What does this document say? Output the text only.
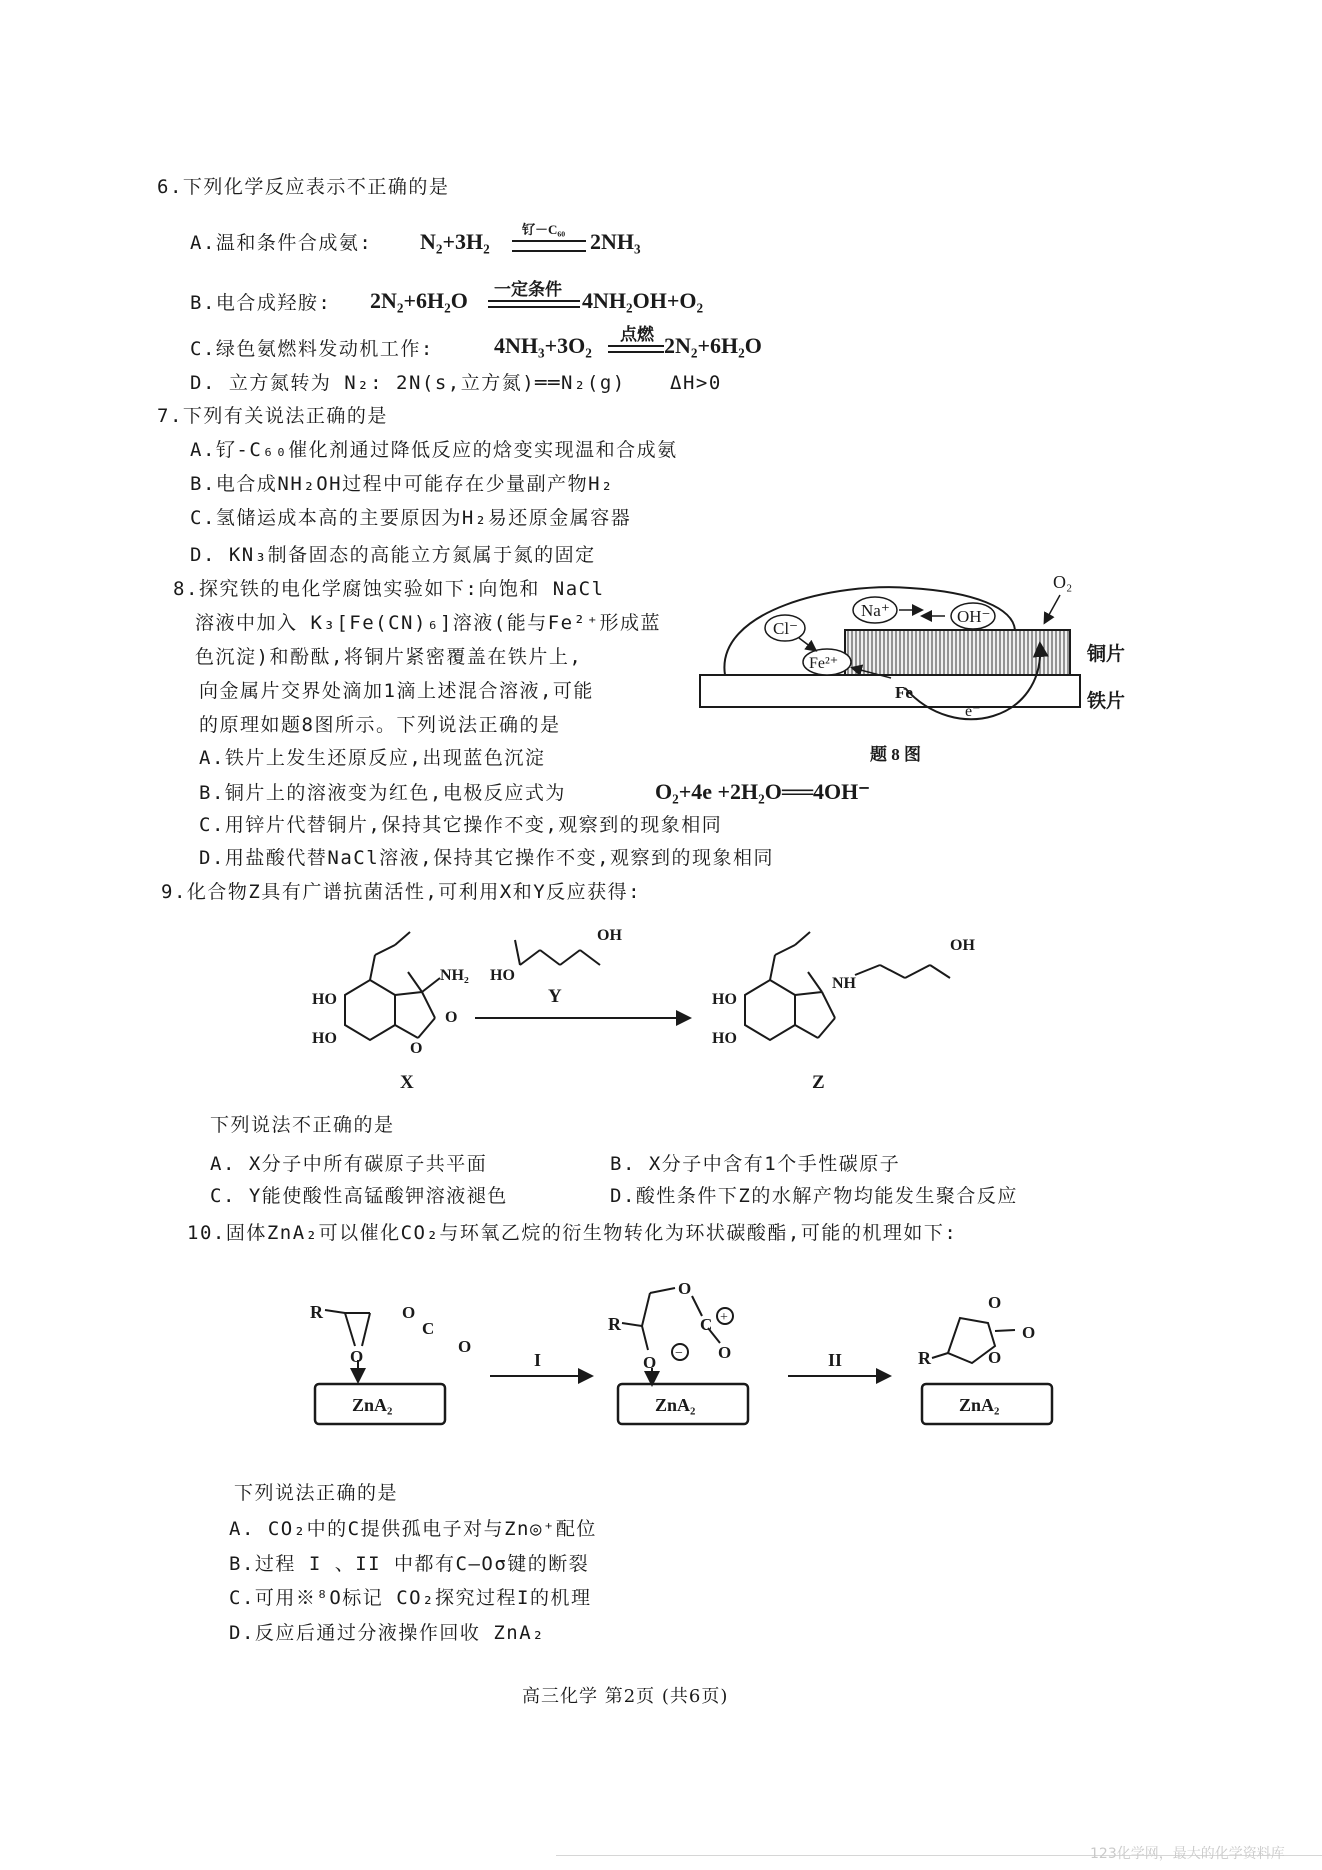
6.下列化学反应表示不正确的是
A.温和条件合成氨: N₂+3H₂ 钌－C₆₀ 2NH₃
B.电合成羟胺: 2N₂+6H₂O 一定条件 4NH₂OH+O₂
C.绿色氨燃料发动机工作:	4NH₃+3O₂ 点燃 2N₂+6H₂O
D. 立方氮转为 N₂: 2N(s,立方氮)══N₂(g) ΔH>0
7.下列有关说法正确的是
A.钌-C₆₀催化剂通过降低反应的焓变实现温和合成氨
B.电合成NH₂OH过程中可能存在少量副产物H₂
C.氢储运成本高的主要原因为H₂易还原金属容器
D. KN₃制备固态的高能立方氮属于氮的固定
8.探究铁的电化学腐蚀实验如下:向饱和 NaCl
溶液中加入 K₃[Fe(CN)₆]溶液(能与Fe²⁺形成蓝
色沉淀)和酚酞,将铜片紧密覆盖在铁片上,
向金属片交界处滴加1滴上述混合溶液,可能
的原理如题8图所示。下列说法正确的是
A.铁片上发生还原反应,出现蓝色沉淀
B.铜片上的溶液变为红色,电极反应式为	O₂+4e +2H₂O══4OH⁻
C.用锌片代替铜片,保持其它操作不变,观察到的现象相同
D.用盐酸代替NaCl溶液,保持其它操作不变,观察到的现象相同
Cl⁻
Na⁺	OH⁻
Fe²⁺
Fe
e⁻
O₂
铜片
铁片
题 8 图
9.化合物Z具有广谱抗菌活性,可利用X和Y反应获得:
HO
HO
NH₂
O
O
X
OH
HO
Y	HO
HO
NH
OH
Z
下列说法不正确的是
A. X分子中所有碳原子共平面	B. X分子中含有1个手性碳原子
C. Y能使酸性高锰酸钾溶液褪色	D.酸性条件下Z的水解产物均能发生聚合反应
10.固体ZnA₂可以催化CO₂与环氧乙烷的衍生物转化为环状碳酸酯,可能的机理如下:
R
O
O
C
O
ZnA₂
I
R
O
C
O
O −
+
ZnA₂
II	R
O
O
O
ZnA₂
下列说法正确的是
A. CO₂中的C提供孤电子对与Zn◎⁺配位
B.过程 I 、II 中都有C—Oσ键的断裂
C.可用※⁸O标记 CO₂探究过程I的机理
D.反应后通过分液操作回收 ZnA₂
高三化学 第2页 (共6页)
123化学网，最大的化学资料库
